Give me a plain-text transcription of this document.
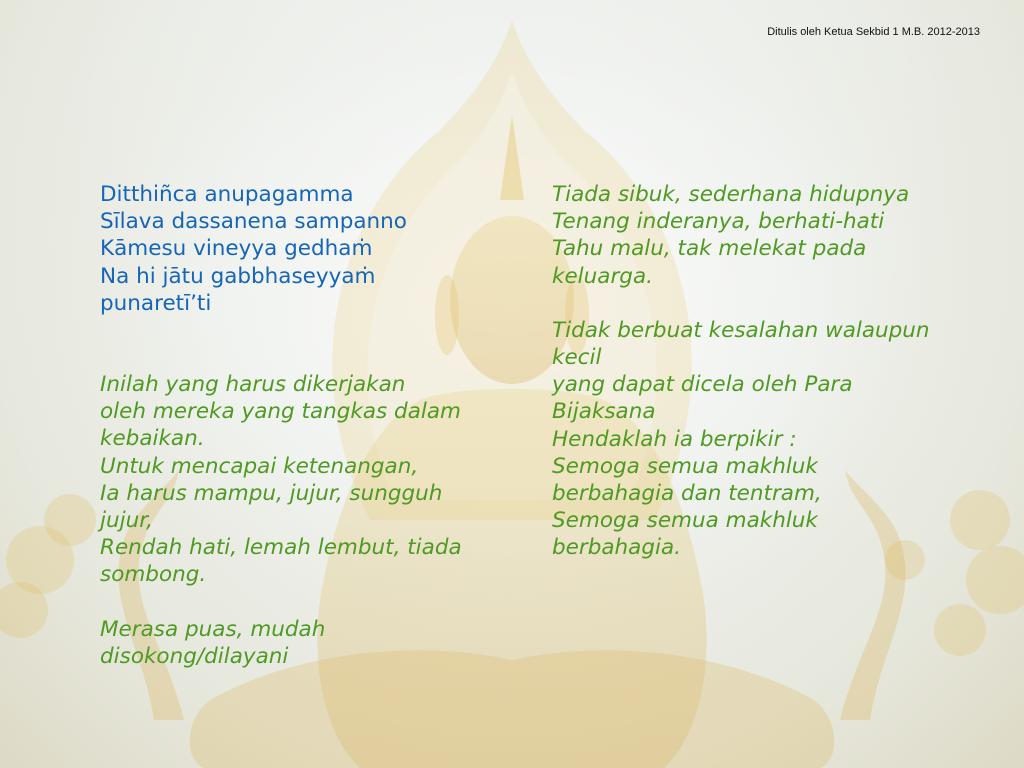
Ditulis oleh Ketua Sekbid 1 M.B. 2012-2013
Ditthiñca anupagamma
Sīlava dassanena sampanno
Kāmesu vineyya gedhaṁ
Na hi jātu gabbhaseyyaṁ
punaretī’ti
Inilah yang harus dikerjakan
oleh mereka yang tangkas dalam
kebaikan.
Untuk mencapai ketenangan,
Ia harus mampu, jujur, sungguh
jujur,
Rendah hati, lemah lembut, tiada
sombong.
Merasa puas, mudah
disokong/dilayani
Tiada sibuk, sederhana hidupnya
Tenang inderanya, berhati-hati
Tahu malu, tak melekat pada
keluarga.
Tidak berbuat kesalahan walaupun
kecil
yang dapat dicela oleh Para
Bijaksana
Hendaklah ia berpikir :
Semoga semua makhluk
berbahagia dan tentram,
Semoga semua makhluk
berbahagia.
